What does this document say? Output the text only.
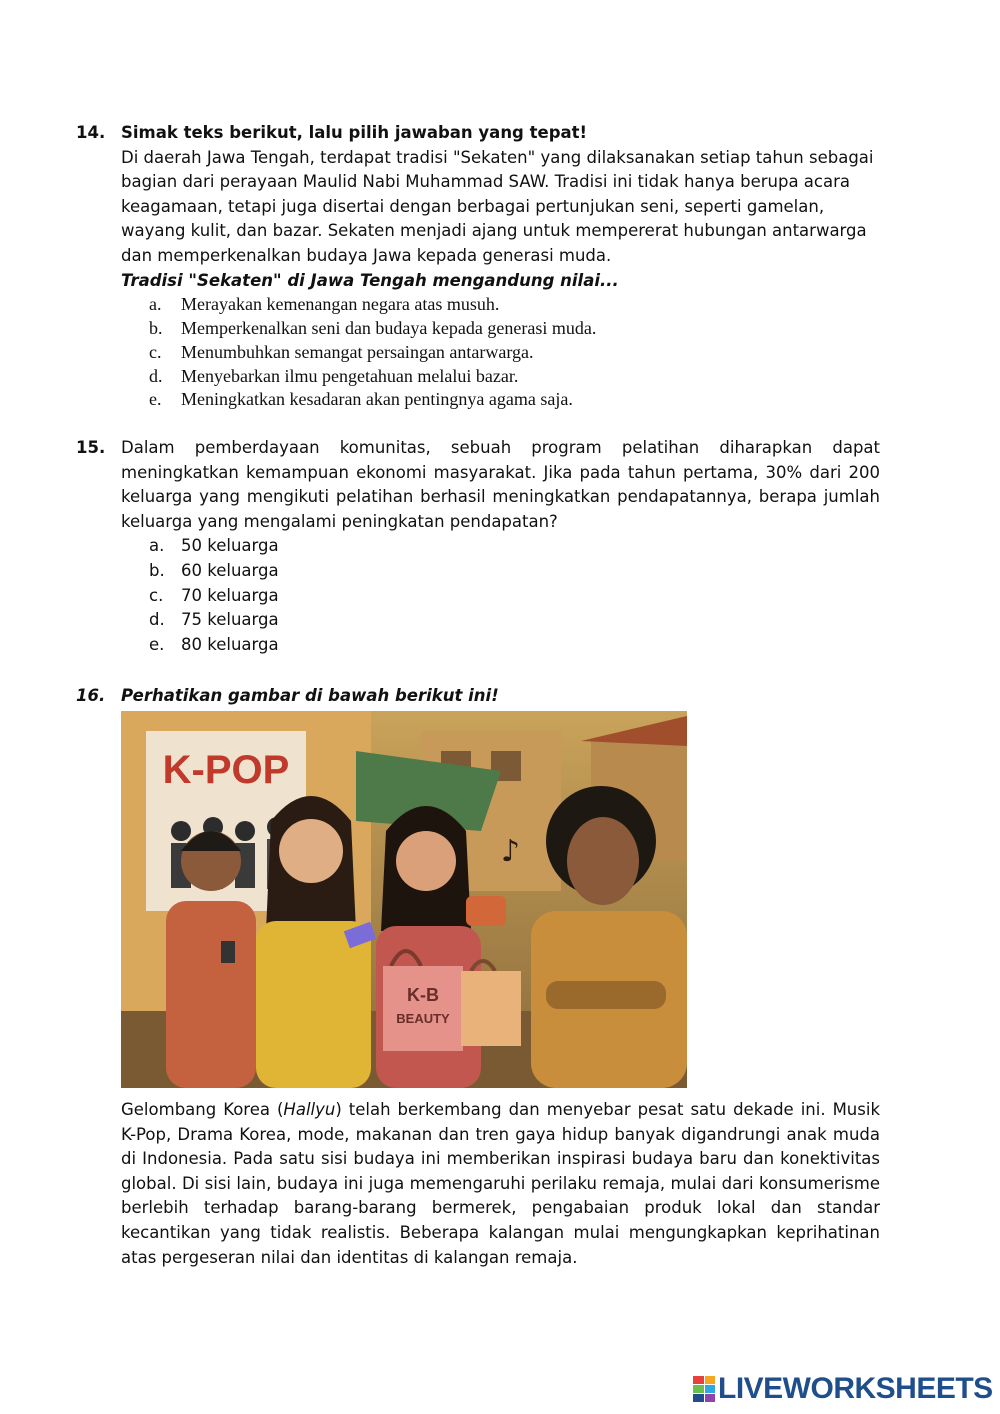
14. Simak teks berikut, lalu pilih jawaban yang tepat!
Di daerah Jawa Tengah, terdapat tradisi "Sekaten" yang dilaksanakan setiap tahun sebagai bagian dari perayaan Maulid Nabi Muhammad SAW. Tradisi ini tidak hanya berupa acara keagamaan, tetapi juga disertai dengan berbagai pertunjukan seni, seperti gamelan, wayang kulit, dan bazar. Sekaten menjadi ajang untuk mempererat hubungan antarwarga dan memperkenalkan budaya Jawa kepada generasi muda.
Tradisi "Sekaten" di Jawa Tengah mengandung nilai...
a. Merayakan kemenangan negara atas musuh.
b. Memperkenalkan seni dan budaya kepada generasi muda.
c. Menumbuhkan semangat persaingan antarwarga.
d. Menyebarkan ilmu pengetahuan melalui bazar.
e. Meningkatkan kesadaran akan pentingnya agama saja.
15. Dalam pemberdayaan komunitas, sebuah program pelatihan diharapkan dapat meningkatkan kemampuan ekonomi masyarakat. Jika pada tahun pertama, 30% dari 200 keluarga yang mengikuti pelatihan berhasil meningkatkan pendapatannya, berapa jumlah keluarga yang mengalami peningkatan pendapatan?
a. 50 keluarga
b. 60 keluarga
c. 70 keluarga
d. 75 keluarga
e. 80 keluarga
16. Perhatikan gambar di bawah berikut ini!
K-POP
K-B
BEAUTY
♪
Gelombang Korea (Hallyu) telah berkembang dan menyebar pesat satu dekade ini. Musik K-Pop, Drama Korea, mode, makanan dan tren gaya hidup banyak digandrungi anak muda di Indonesia. Pada satu sisi budaya ini memberikan inspirasi budaya baru dan konektivitas global. Di sisi lain, budaya ini juga memengaruhi perilaku remaja, mulai dari konsumerisme berlebih terhadap barang-barang bermerek, pengabaian produk lokal dan standar kecantikan yang tidak realistis. Beberapa kalangan mulai mengungkapkan keprihatinan atas pergeseran nilai dan identitas di kalangan remaja.
LIVEWORKSHEETS
